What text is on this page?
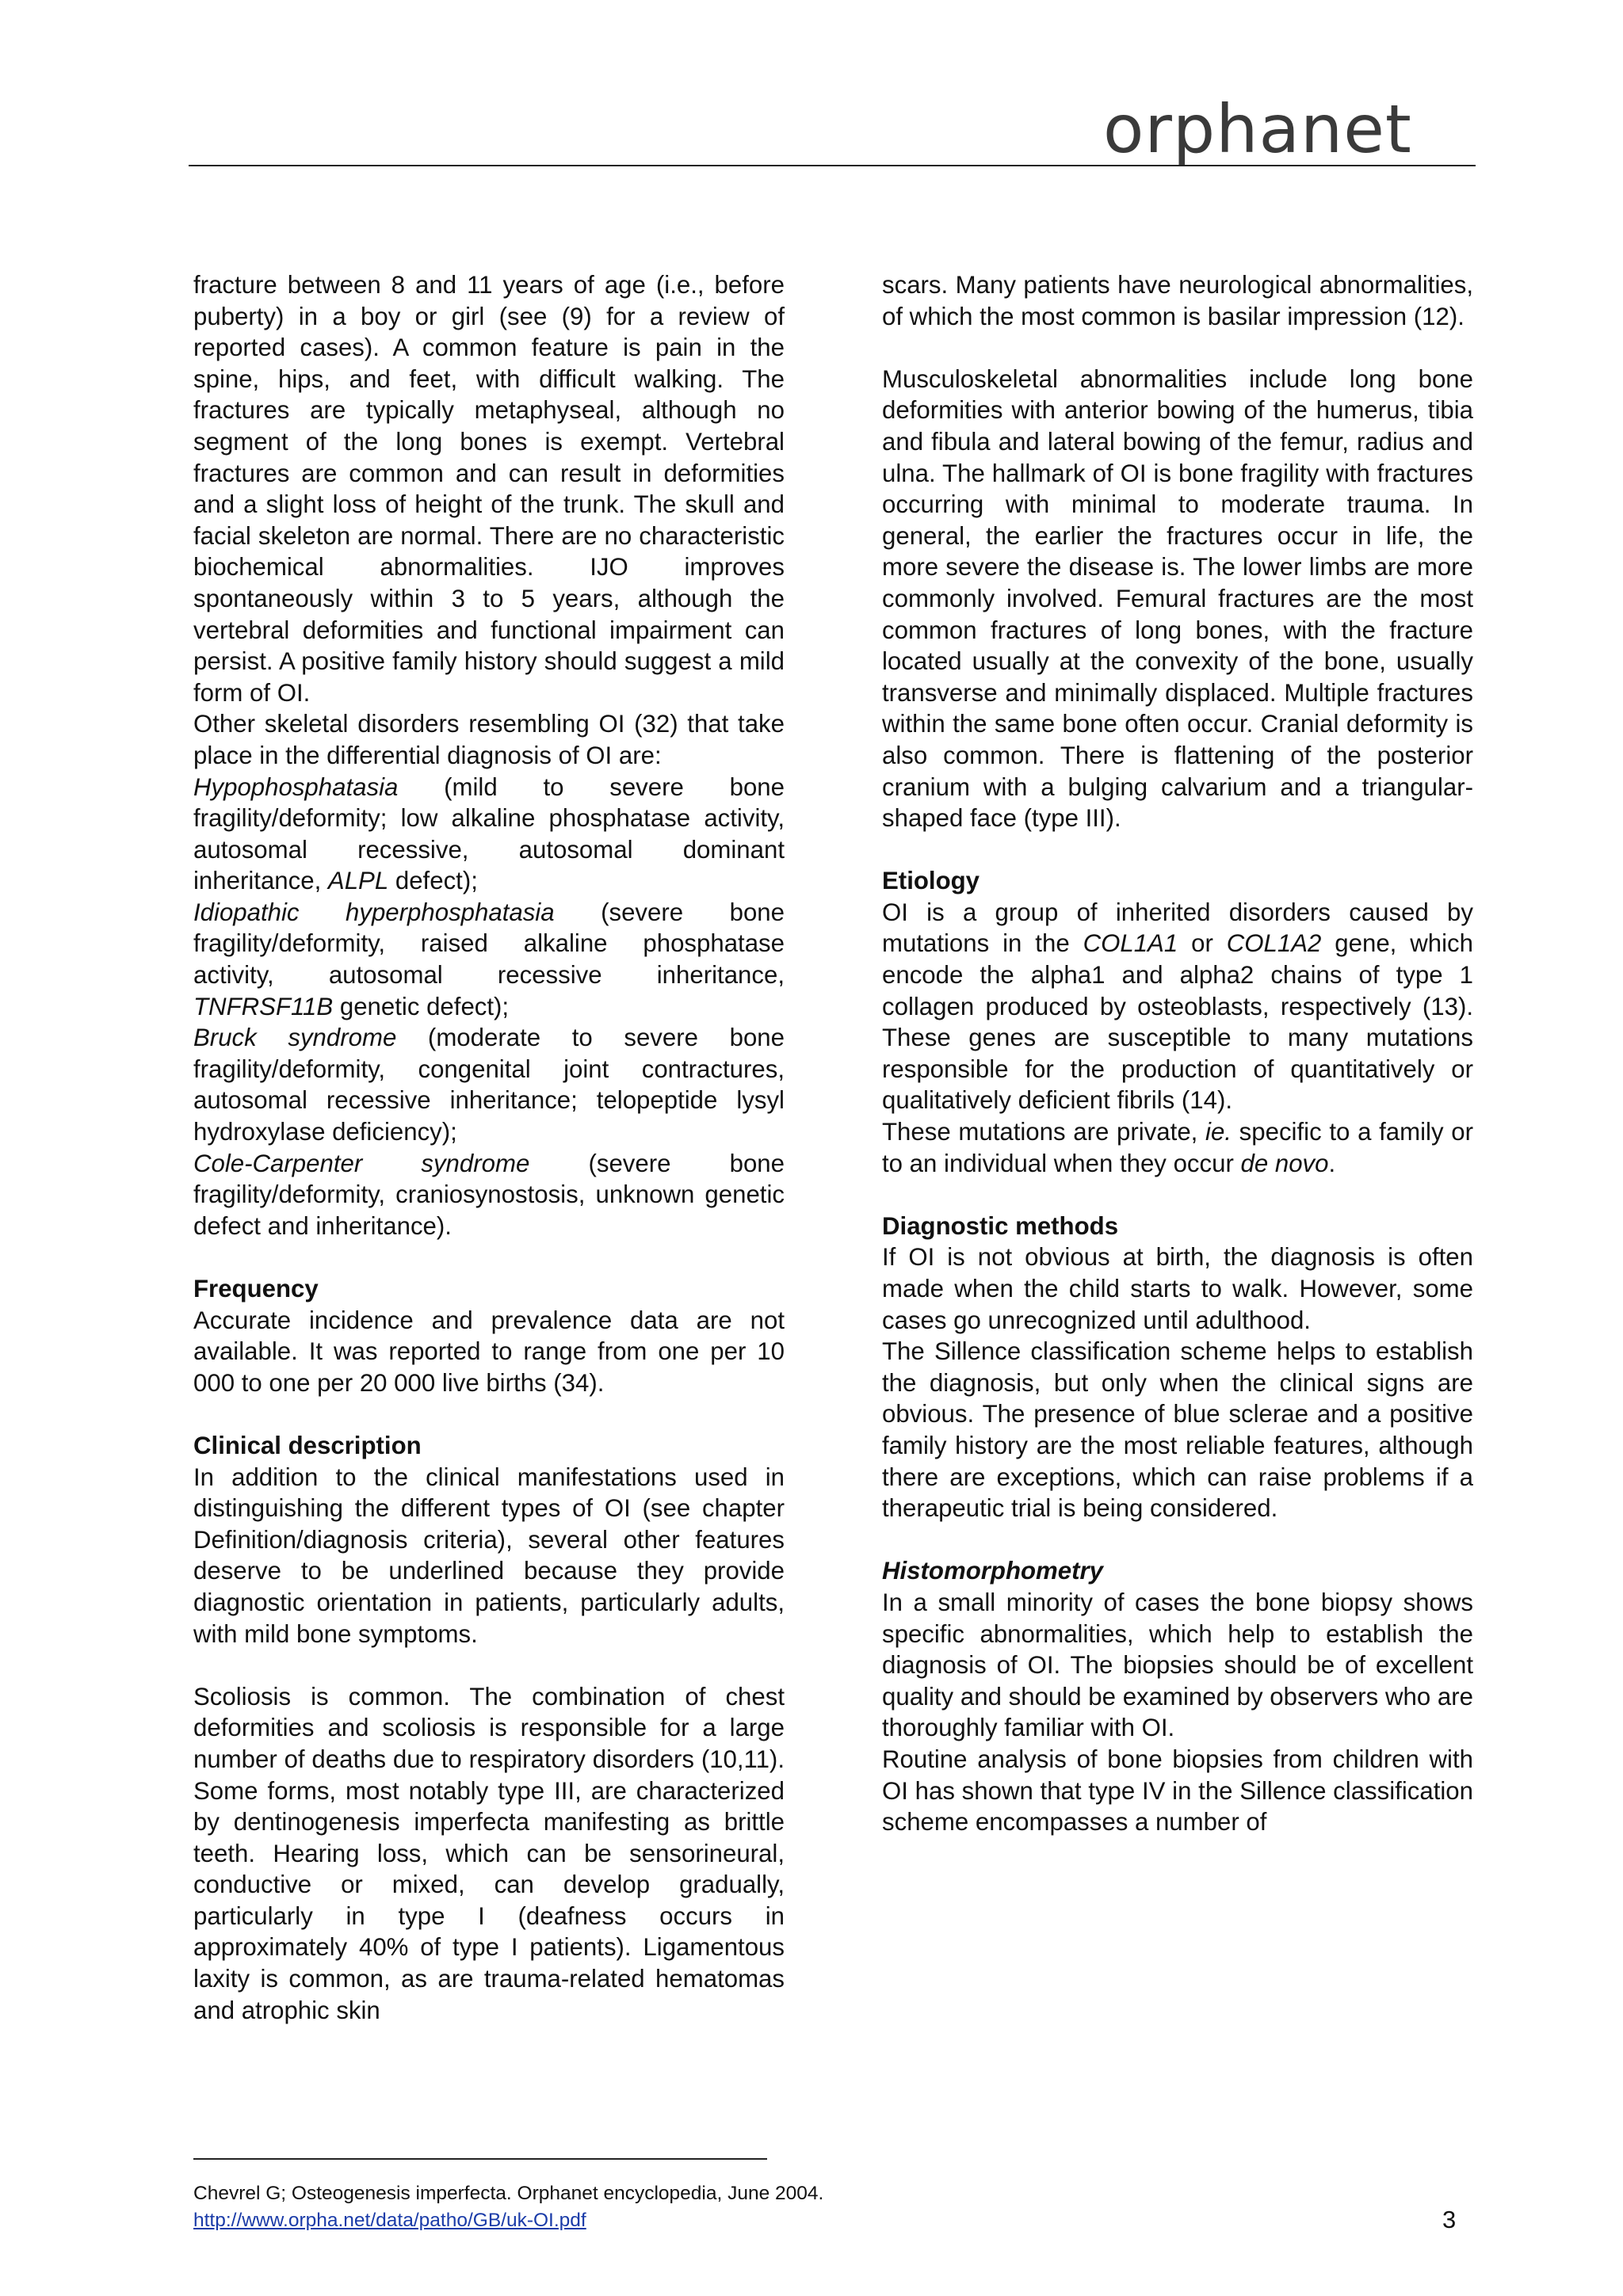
orphanet

fracture between 8 and 11 years of age (i.e., before puberty) in a boy or girl (see (9) for a review of reported cases). A common feature is pain in the spine, hips, and feet, with difficult walking. The fractures are typically metaphyseal, although no segment of the long bones is exempt. Vertebral fractures are common and can result in deformities and a slight loss of height of the trunk. The skull and facial skeleton are normal. There are no characteristic biochemical abnormalities. IJO improves spontaneously within 3 to 5 years, although the vertebral deformities and functional impairment can persist. A positive family history should suggest a mild form of OI.

Other skeletal disorders resembling OI (32) that take place in the differential diagnosis of OI are:

Hypophosphatasia (mild to severe bone fragility/deformity; low alkaline phosphatase activity, autosomal recessive, autosomal dominant inheritance, ALPL defect);

Idiopathic hyperphosphatasia (severe bone fragility/deformity, raised alkaline phosphatase activity, autosomal recessive inheritance, TNFRSF11B genetic defect);

Bruck syndrome (moderate to severe bone fragility/deformity, congenital joint contractures, autosomal recessive inheritance; telopeptide lysyl hydroxylase deficiency);

Cole-Carpenter syndrome (severe bone fragility/deformity, craniosynostosis, unknown genetic defect and inheritance).

Frequency

Accurate incidence and prevalence data are not available. It was reported to range from one per 10 000 to one per 20 000 live births (34).

Clinical description

In addition to the clinical manifestations used in distinguishing the different types of OI (see chapter Definition/diagnosis criteria), several other features deserve to be underlined because they provide diagnostic orientation in patients, particularly adults, with mild bone symptoms.

Scoliosis is common. The combination of chest deformities and scoliosis is responsible for a large number of deaths due to respiratory disorders (10,11). Some forms, most notably type III, are characterized by dentinogenesis imperfecta manifesting as brittle teeth. Hearing loss, which can be sensorineural, conductive or mixed, can develop gradually, particularly in type I (deafness occurs in approximately 40% of type I patients). Ligamentous laxity is common, as are trauma-related hematomas and atrophic skin

scars. Many patients have neurological abnormalities, of which the most common is basilar impression (12).

Musculoskeletal abnormalities include long bone deformities with anterior bowing of the humerus, tibia and fibula and lateral bowing of the femur, radius and ulna. The hallmark of OI is bone fragility with fractures occurring with minimal to moderate trauma. In general, the earlier the fractures occur in life, the more severe the disease is. The lower limbs are more commonly involved. Femural fractures are the most common fractures of long bones, with the fracture located usually at the convexity of the bone, usually transverse and minimally displaced. Multiple fractures within the same bone often occur. Cranial deformity is also common. There is flattening of the posterior cranium with a bulging calvarium and a triangular-shaped face (type III).

Etiology

OI is a group of inherited disorders caused by mutations in the COL1A1 or COL1A2 gene, which encode the alpha1 and alpha2 chains of type 1 collagen produced by osteoblasts, respectively (13). These genes are susceptible to many mutations responsible for the production of quantitatively or qualitatively deficient fibrils (14).

These mutations are private, ie. specific to a family or to an individual when they occur de novo.

Diagnostic methods

If OI is not obvious at birth, the diagnosis is often made when the child starts to walk. However, some cases go unrecognized until adulthood.

The Sillence classification scheme helps to establish the diagnosis, but only when the clinical signs are obvious. The presence of blue sclerae and a positive family history are the most reliable features, although there are exceptions, which can raise problems if a therapeutic trial is being considered.

Histomorphometry

In a small minority of cases the bone biopsy shows specific abnormalities, which help to establish the diagnosis of OI. The biopsies should be of excellent quality and should be examined by observers who are thoroughly familiar with OI.

Routine analysis of bone biopsies from children with OI has shown that type IV in the Sillence classification scheme encompasses a number of

Chevrel G; Osteogenesis imperfecta. Orphanet encyclopedia, June 2004.
http://www.orpha.net/data/patho/GB/uk-OI.pdf	3
